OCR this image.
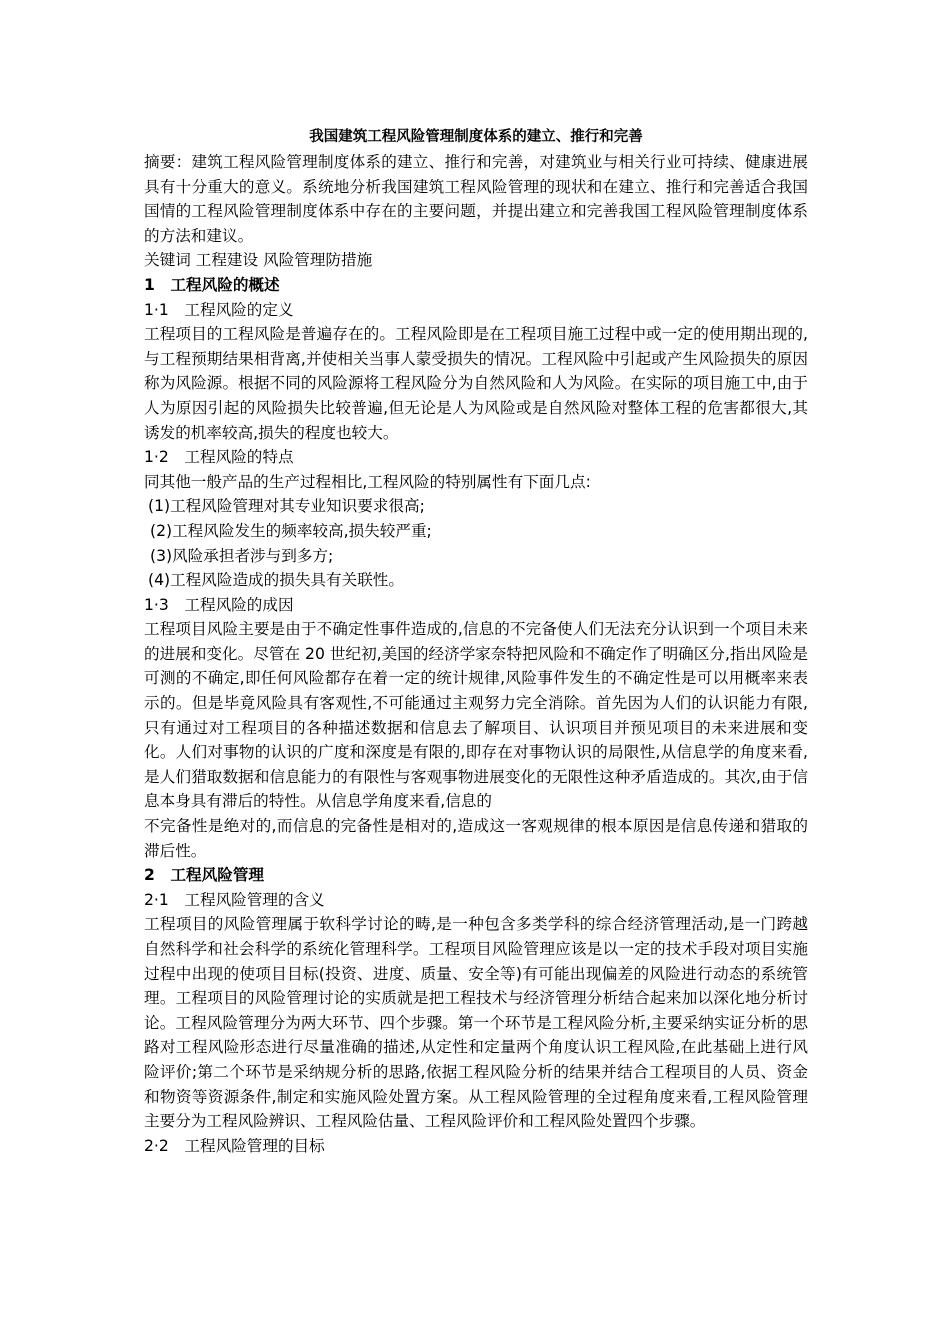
我国建筑工程风险管理制度体系的建立、推行和完善

摘要：建筑工程风险管理制度体系的建立、推行和完善，对建筑业与相关行业可持续、健康进展具有十分重大的意义。系统地分析我国建筑工程风险管理的现状和在建立、推行和完善适合我国国情的工程风险管理制度体系中存在的主要问题，并提出建立和完善我国工程风险管理制度体系的方法和建议。

关键词 工程建设 风险管理防措施

1　工程风险的概述

1·1　工程风险的定义

工程项目的工程风险是普遍存在的。工程风险即是在工程项目施工过程中或一定的使用期出现的,与工程预期结果相背离,并使相关当事人蒙受损失的情况。工程风险中引起或产生风险损失的原因称为风险源。根据不同的风险源将工程风险分为自然风险和人为风险。在实际的项目施工中,由于人为原因引起的风险损失比较普遍,但无论是人为风险或是自然风险对整体工程的危害都很大,其诱发的机率较高,损失的程度也较大。

1·2　工程风险的特点

同其他一般产品的生产过程相比,工程风险的特别属性有下面几点:

(1)工程风险管理对其专业知识要求很高;

(2)工程风险发生的频率较高,损失较严重;

(3)风险承担者涉与到多方;

(4)工程风险造成的损失具有关联性。

1·3　工程风险的成因

工程项目风险主要是由于不确定性事件造成的,信息的不完备使人们无法充分认识到一个项目未来的进展和变化。尽管在 20 世纪初,美国的经济学家奈特把风险和不确定作了明确区分,指出风险是可测的不确定,即任何风险都存在着一定的统计规律,风险事件发生的不确定性是可以用概率来表示的。但是毕竟风险具有客观性,不可能通过主观努力完全消除。首先因为人们的认识能力有限,只有通过对工程项目的各种描述数据和信息去了解项目、认识项目并预见项目的未来进展和变化。人们对事物的认识的广度和深度是有限的,即存在对事物认识的局限性,从信息学的角度来看,是人们猎取数据和信息能力的有限性与客观事物进展变化的无限性这种矛盾造成的。其次,由于信息本身具有滞后的特性。从信息学角度来看,信息的

不完备性是绝对的,而信息的完备性是相对的,造成这一客观规律的根本原因是信息传递和猎取的滞后性。

2　工程风险管理

2·1　工程风险管理的含义

工程项目的风险管理属于软科学讨论的畴,是一种包含多类学科的综合经济管理活动,是一门跨越自然科学和社会科学的系统化管理科学。工程项目风险管理应该是以一定的技术手段对项目实施过程中出现的使项目目标(投资、进度、质量、安全等)有可能出现偏差的风险进行动态的系统管理。工程项目的风险管理讨论的实质就是把工程技术与经济管理分析结合起来加以深化地分析讨论。工程风险管理分为两大环节、四个步骤。第一个环节是工程风险分析,主要采纳实证分析的思路对工程风险形态进行尽量准确的描述,从定性和定量两个角度认识工程风险,在此基础上进行风险评价;第二个环节是采纳规分析的思路,依据工程风险分析的结果并结合工程项目的人员、资金和物资等资源条件,制定和实施风险处置方案。从工程风险管理的全过程角度来看,工程风险管理主要分为工程风险辨识、工程风险估量、工程风险评价和工程风险处置四个步骤。

2·2　工程风险管理的目标
